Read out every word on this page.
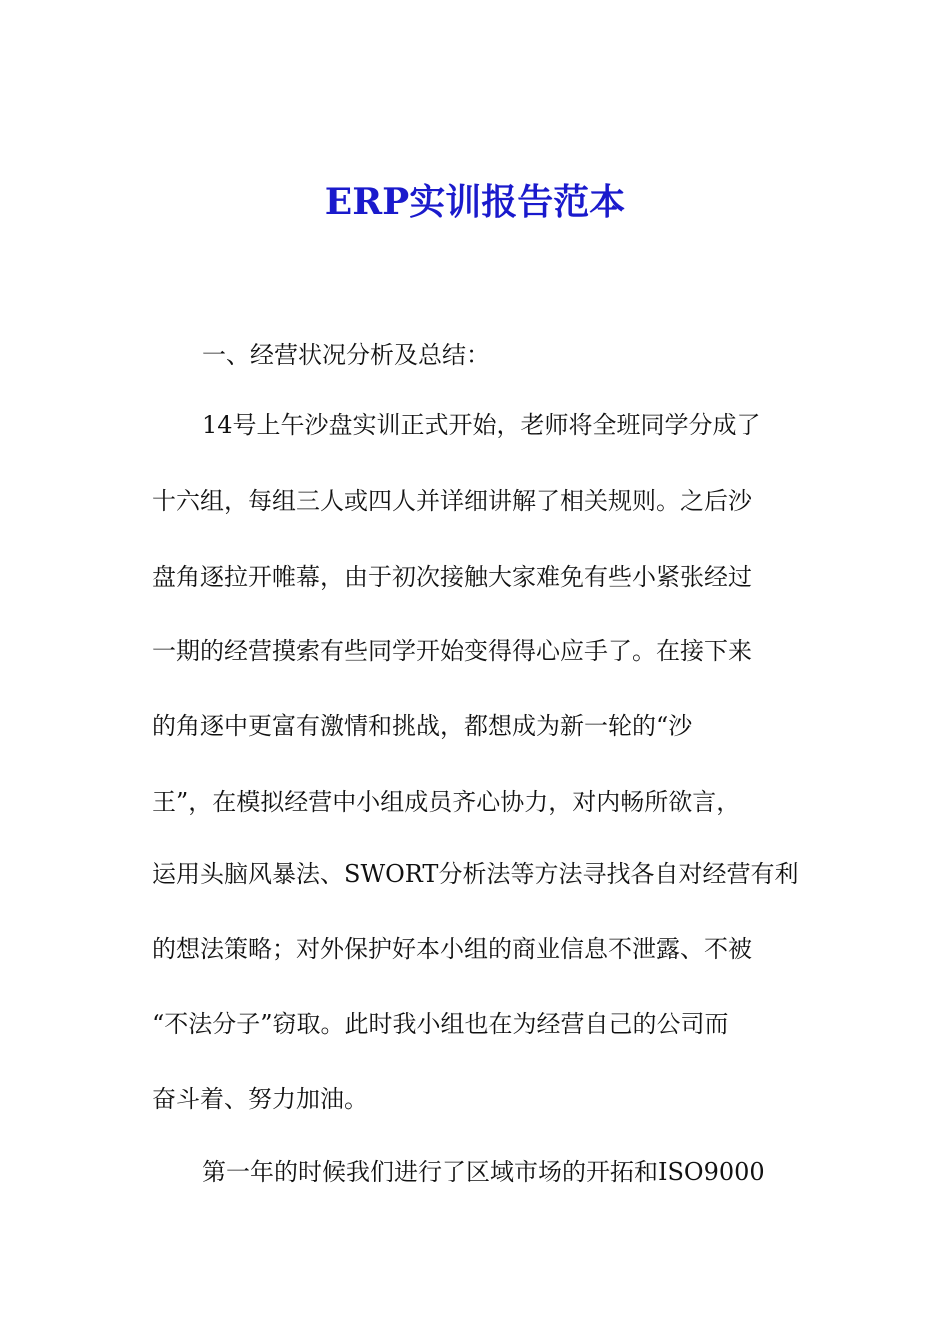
ERP实训报告范本
一、经营状况分析及总结：
14号上午沙盘实训正式开始，老师将全班同学分成了
十六组，每组三人或四人并详细讲解了相关规则。之后沙
盘角逐拉开帷幕，由于初次接触大家难免有些小紧张经过
一期的经营摸索有些同学开始变得得心应手了。在接下来
的角逐中更富有激情和挑战，都想成为新一轮的“沙
王”，在模拟经营中小组成员齐心协力，对内畅所欲言，
运用头脑风暴法、SWORT分析法等方法寻找各自对经营有利
的想法策略；对外保护好本小组的商业信息不泄露、不被
“不法分子”窃取。此时我小组也在为经营自己的公司而
奋斗着、努力加油。
第一年的时候我们进行了区域市场的开拓和ISO9000
